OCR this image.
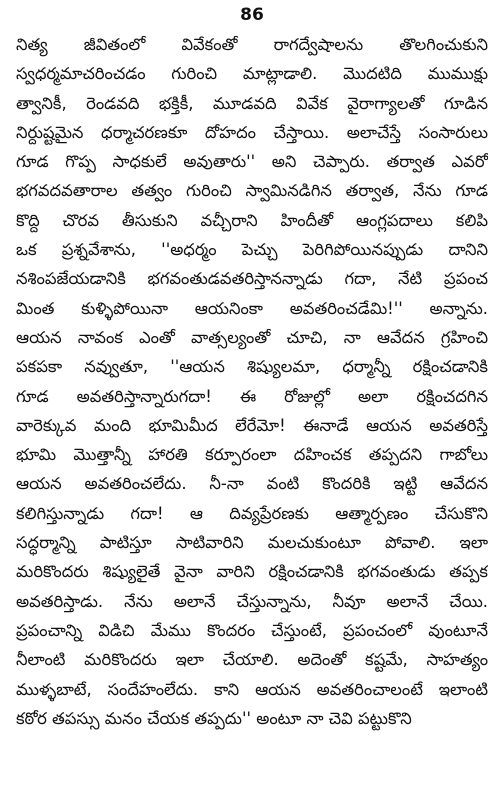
86
నిత్య జీవితంలో వివేకంతో రాగద్వేషాలను తొలగించుకుని
స్వధర్మమాచరించడం గురించి మాట్లాడాలి. మొదటిది ముముక్షు
త్వానికీ, రెండవది భక్తికీ, మూడవది వివేక వైరాగ్యాలతో గూడిన
నిర్దుష్టమైన ధర్మాచరణకూ దోహదం చేస్తాయి. అలాచేస్తే సంసారులు
గూడ గొప్ప సాధకులే అవుతారు'' అని చెప్పారు. తర్వాత ఎవరో
భగవదవతారాల తత్వం గురించి స్వామినడిగిన తర్వాత, నేను గూడ
కొద్ది చొరవ తీసుకుని వచ్చీరాని హిందీతో ఆంగ్లపదాలు కలిపి
ఒక ప్రశ్నవేశాను, ''అధర్మం పెచ్చు పెరిగిపోయినప్పుడు దానిని
నశింపజేయడానికి భగవంతుడవతరిస్తానన్నాడు గదా, నేటి ప్రపంచ
మింత కుళ్ళిపోయినా ఆయనింకా అవతరించడేమి!'' అన్నాను.
ఆయన నావంక ఎంతో వాత్సల్యంతో చూచి, నా ఆవేదన గ్రహించి
పకపకా నవ్వుతూ, ''ఆయన శిష్యులమా, ధర్మాన్నీ రక్షించడానికి
గూడ అవతరిస్తాన్నారుగదా! ఈ రోజుల్లో అలా రక్షించదగిన
వారెక్కువ మంది భూమిమీద లేరేమో! ఈనాడే ఆయన అవతరిస్తే
భూమి మొత్తాన్నీ హారతి కర్పూరంలా దహించక తప్పదని గాబోలు
ఆయన అవతరించలేదు. నీ-నా వంటి కొందరికి ఇట్టి ఆవేదన
కలిగిస్తున్నాడు గదా! ఆ దివ్యప్రేరణకు ఆత్మార్పణం చేసుకొని
సద్ధర్మాన్ని పాటిస్తూ సాటివారిని మలచుకుంటూ పోవాలి. ఇలా
మరికొందరు శిష్యులైతే వైనా వారిని రక్షించడానికి భగవంతుడు తప్పక
అవతరిస్తాడు. నేను అలానే చేస్తున్నాను, నీవూ అలానే చేయి.
ప్రపంచాన్ని విడిచి మేము కొందరం చేస్తుంటే, ప్రపంచంలో వుంటూనే
నీలాంటి మరికొందరు ఇలా చేయాలి. అదెంతో కష్టమే, సాహత్యం
ముళ్ళబాటే, సందేహంలేదు. కాని ఆయన అవతరించాలంటే ఇలాంటి
కఠోర తపస్సు మనం చేయక తప్పదు'' అంటూ నా చెవి పట్టుకొని
